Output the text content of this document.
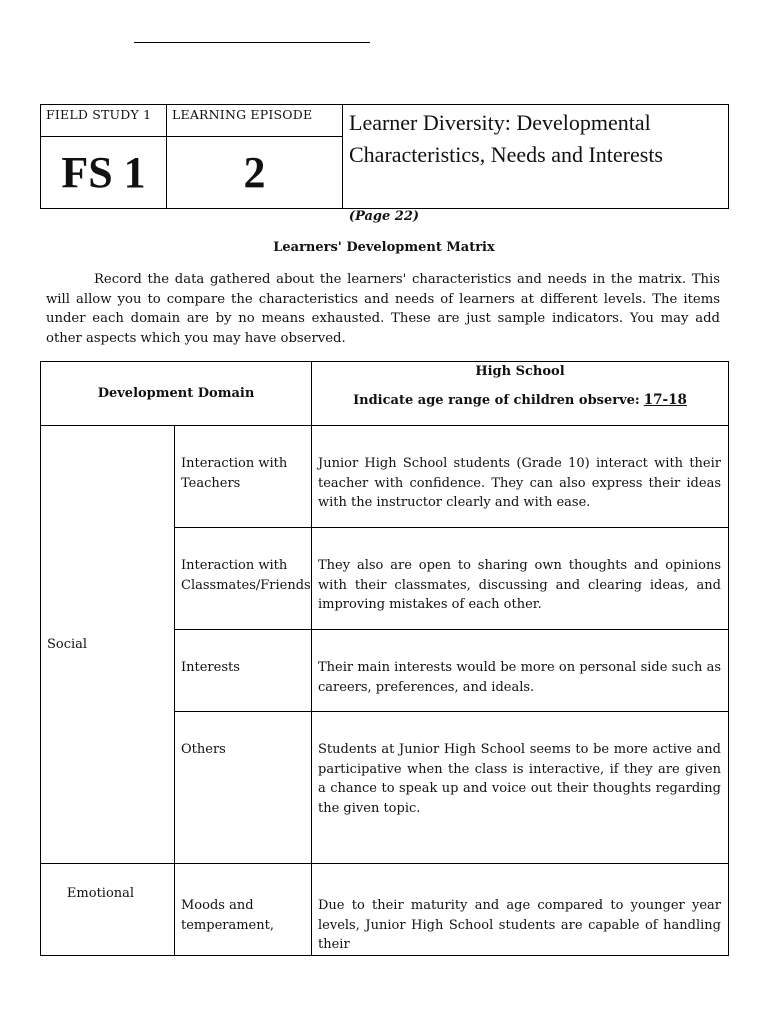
FIELD STUDY 1	LEARNING EPISODE	Learner Diversity: Developmental
Characteristics, Needs and Interests
FS 1	2	
(Page 22)
Learners' Development Matrix

Record the data gathered about the learners' characteristics and needs in the matrix. This will allow you to compare the characteristics and needs of learners at different levels. The items under each domain are by no means exhausted. These are just sample indicators. You may add other aspects which you may have observed.

Development Domain		High School
Indicate age range of children observe: 17-18

Social	Interaction with Teachers	Junior High School students (Grade 10) interact with their teacher with confidence. They can also express their ideas with the instructor clearly and with ease.
	Interaction with Classmates/Friends	They also are open to sharing own thoughts and opinions with their classmates, discussing and clearing ideas, and improving mistakes of each other.
	Interests	Their main interests would be more on personal side such as careers, preferences, and ideals.
	Others	Students at Junior High School seems to be more active and participative when the class is interactive, if they are given a chance to speak up and voice out their thoughts regarding the given topic.
Emotional	Moods and temperament,	Due to their maturity and age compared to younger year levels, Junior High School students are capable of handling their
